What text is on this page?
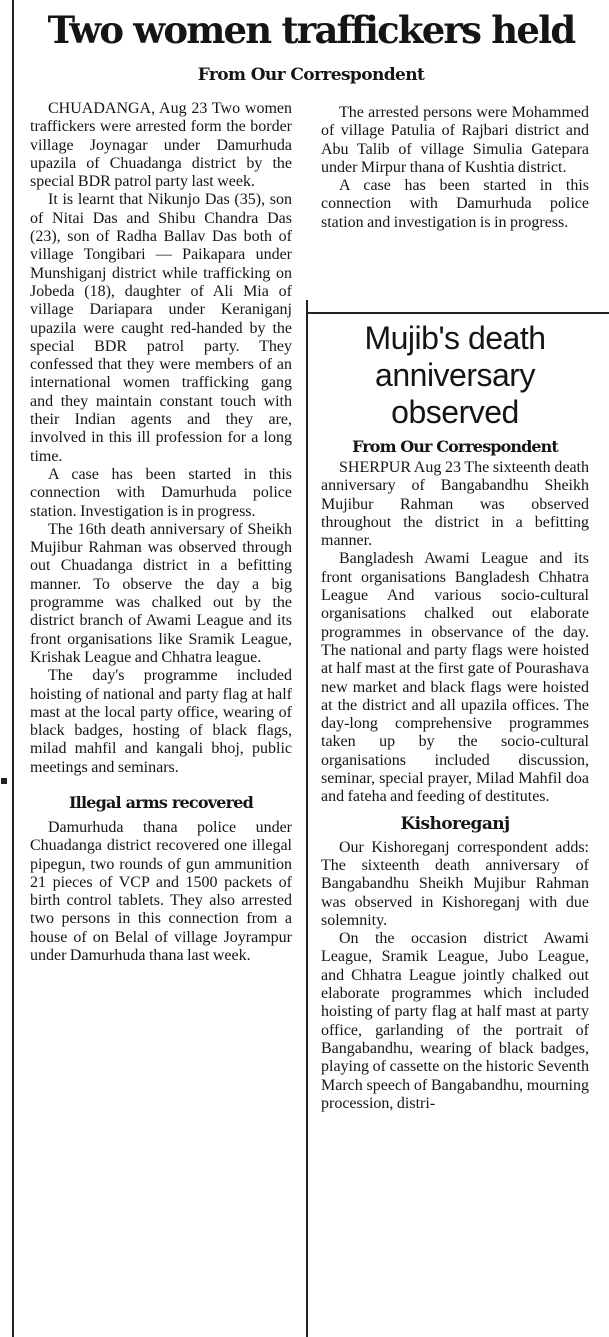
Two women traffickers held
From Our Correspondent

CHUADANGA, Aug 23 Two women traffickers were arrested form the border village Joynagar under Damurhuda upazila of Chuadanga district by the special BDR patrol party last week.

It is learnt that Nikunjo Das (35), son of Nitai Das and Shibu Chandra Das (23), son of Radha Ballav Das both of village Tongibari — Paikapara under Munshiganj district while trafficking on Jobeda (18), daughter of Ali Mia of village Dariapara under Keraniganj upazila were caught red-handed by the special BDR patrol party. They confessed that they were members of an international women trafficking gang and they maintain constant touch with their Indian agents and they are, involved in this ill profession for a long time.

A case has been started in this connection with Damurhuda police station. Investigation is in progress.

The 16th death anniversary of Sheikh Mujibur Rahman was observed through out Chuadanga district in a befitting manner. To observe the day a big programme was chalked out by the district branch of Awami League and its front organisations like Sramik League, Krishak League and Chhatra league.

The day's programme included hoisting of national and party flag at half mast at the local party office, wearing of black badges, hosting of black flags, milad mahfil and kangali bhoj, public meetings and seminars.

Illegal arms recovered

Damurhuda thana police under Chuadanga district recovered one illegal pipegun, two rounds of gun ammunition 21 pieces of VCP and 1500 packets of birth control tablets. They also arrested two persons in this connection from a house of on Belal of village Joyrampur under Damurhuda thana last week.

The arrested persons were Mohammed of village Patulia of Rajbari district and Abu Talib of village Simulia Gatepara under Mirpur thana of Kushtia district.

A case has been started in this connection with Damurhuda police station and investigation is in progress.

Mujib's death anniversary observed
From Our Correspondent

SHERPUR Aug 23 The sixteenth death anniversary of Bangabandhu Sheikh Mujibur Rahman was observed throughout the district in a befitting manner.

Bangladesh Awami League and its front organisations Bangladesh Chhatra League And various socio-cultural organisations chalked out elaborate programmes in observance of the day. The national and party flags were hoisted at half mast at the first gate of Pourashava new market and black flags were hoisted at the district and all upazila offices. The day-long comprehensive programmes taken up by the socio-cultural organisations included discussion, seminar, special prayer, Milad Mahfil doa and fateha and feeding of destitutes.

Kishoreganj

Our Kishoreganj correspondent adds: The sixteenth death anniversary of Bangabandhu Sheikh Mujibur Rahman was observed in Kishoreganj with due solemnity.

On the occasion district Awami League, Sramik League, Jubo League, and Chhatra League jointly chalked out elaborate programmes which included hoisting of party flag at half mast at party office, garlanding of the portrait of Bangabandhu, wearing of black badges, playing of cassette on the historic Seventh March speech of Bangabandhu, mourning procession, distri-
